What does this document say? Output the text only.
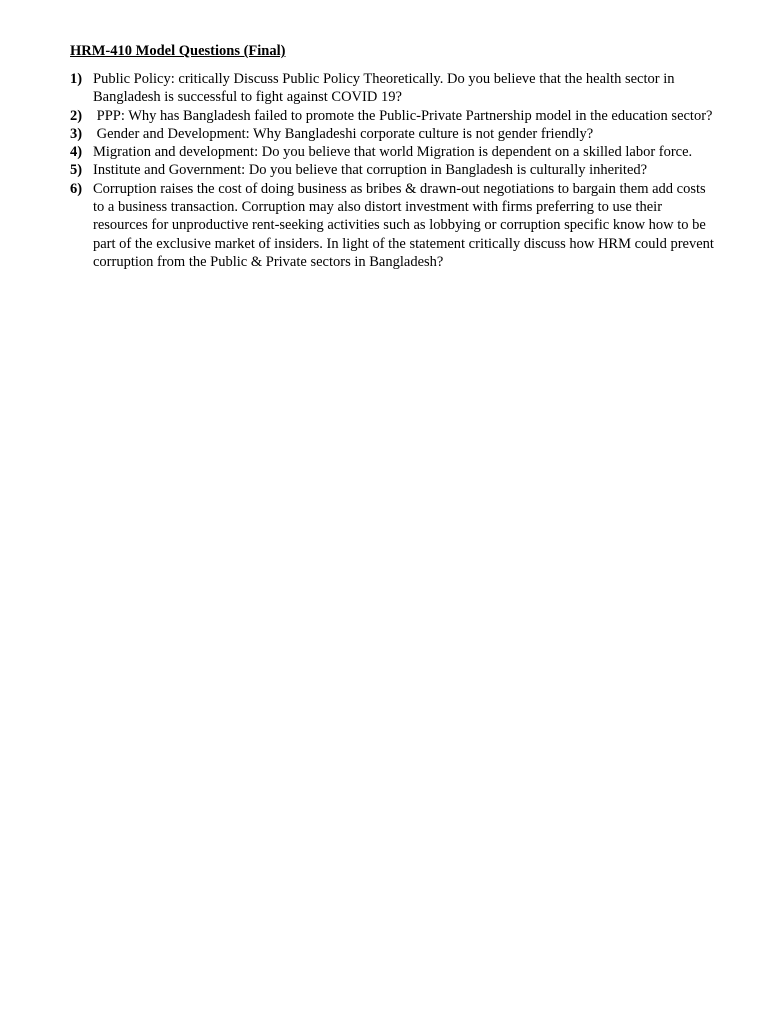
HRM-410 Model Questions (Final)
1) Public Policy: critically Discuss Public Policy Theoretically. Do you believe that the health sector in Bangladesh is successful to fight against COVID 19?
2) PPP: Why has Bangladesh failed to promote the Public-Private Partnership model in the education sector?
3) Gender and Development: Why Bangladeshi corporate culture is not gender friendly?
4) Migration and development: Do you believe that world Migration is dependent on a skilled labor force.
5) Institute and Government: Do you believe that corruption in Bangladesh is culturally inherited?
6) Corruption raises the cost of doing business as bribes & drawn-out negotiations to bargain them add costs to a business transaction. Corruption may also distort investment with firms preferring to use their resources for unproductive rent-seeking activities such as lobbying or corruption specific know how to be part of the exclusive market of insiders. In light of the statement critically discuss how HRM could prevent corruption from the Public & Private sectors in Bangladesh?
